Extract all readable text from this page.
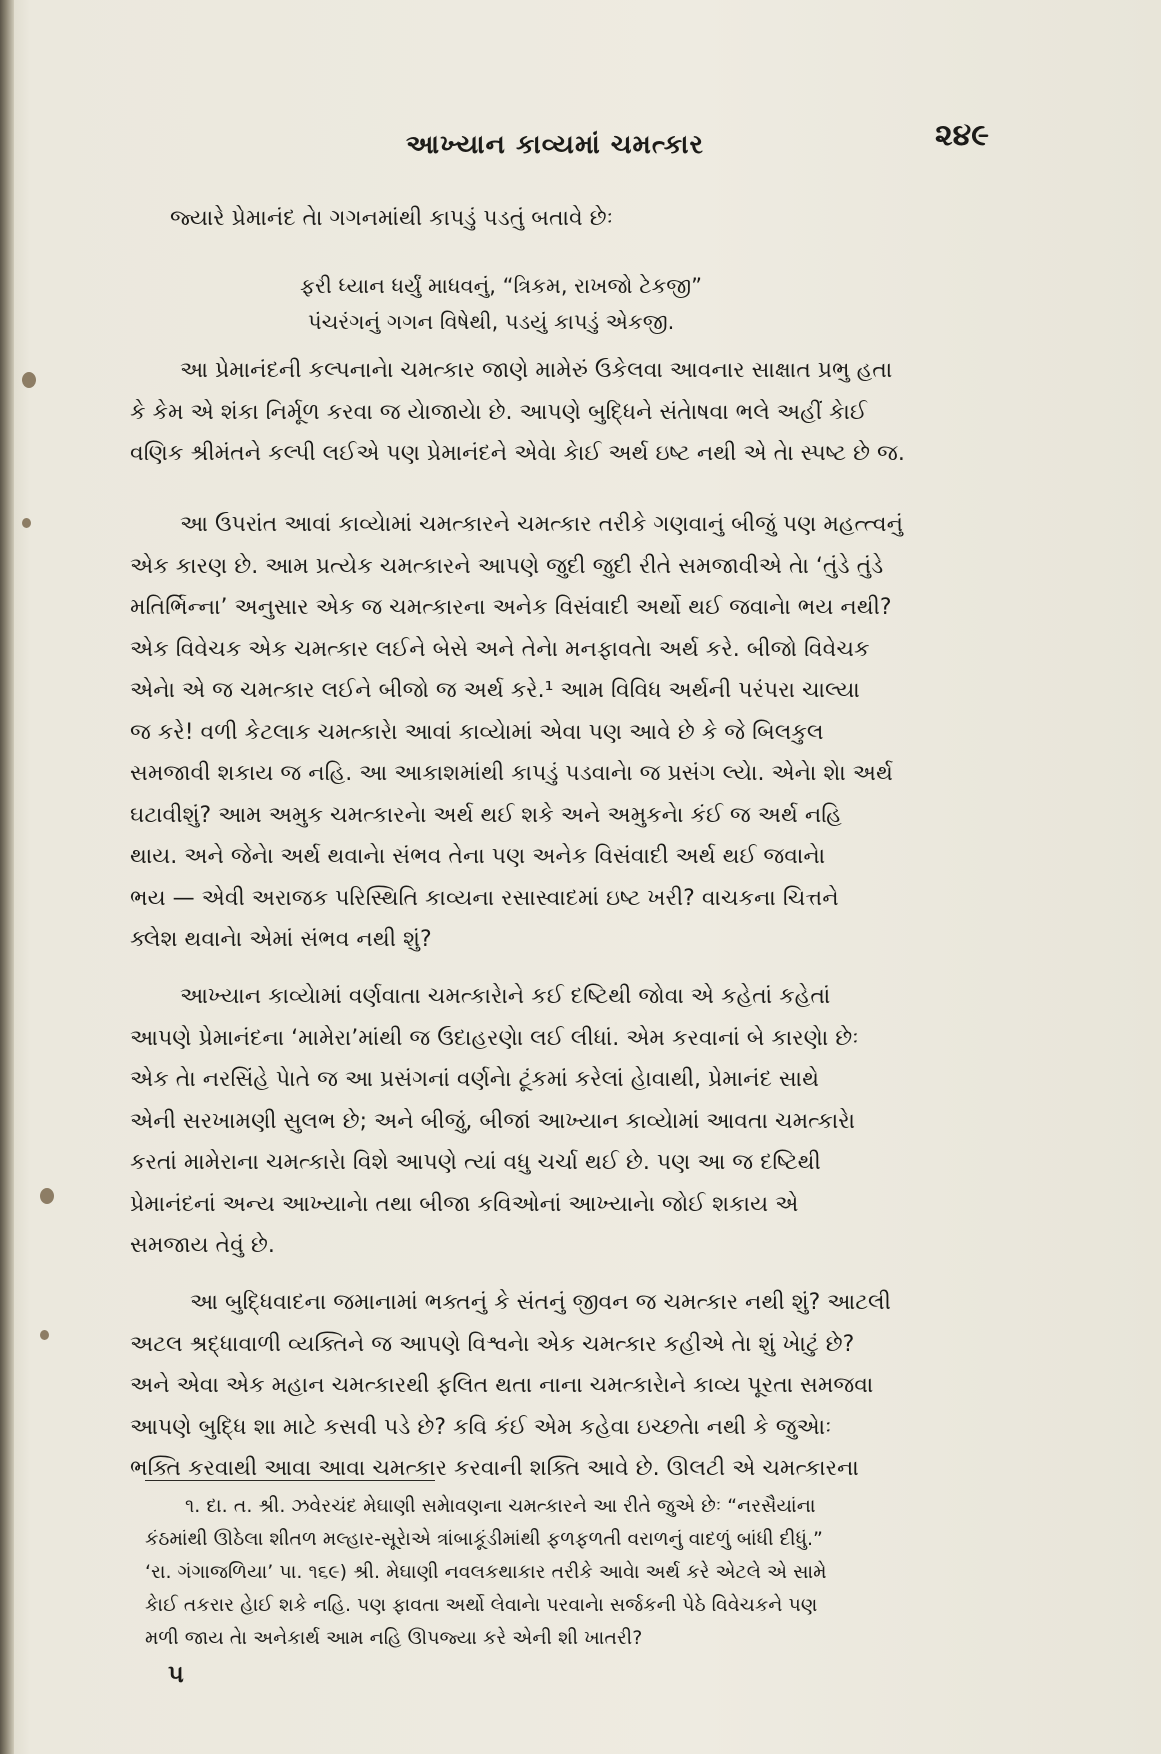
આખ્યાન કાવ્યમાં ચમત્કાર	૨૪૯
જ્યારે પ્રેમાનંદ તેા ગગનમાંથી કાપડું પડતું બતાવે છેઃ
ફરી ધ્યાન ધર્યું માધવનું, “ત્રિકમ, રાખજો ટેકજી”
પંચરંગનું ગગન વિષેથી, પડયું કાપડું એકજી.
આ પ્રેમાનંદની કલ્પનાનેા ચમત્કાર જાણે મામેરું ઉકેલવા આવનાર સાક્ષાત પ્રભુ હતા
કે કેમ એ શંકા નિર્મૂળ કરવા જ યેાજાયેા છે. આપણે બુદ્ધિને સંતેાષવા ભલે અહીં કેાઈ
વણિક શ્રીમંતને કલ્પી લઈએ પણ પ્રેમાનંદને એવેા કેાઈ અર્થ ઇષ્ટ નથી એ તેા સ્પષ્ટ છે જ.
આ ઉપરાંત આવાં કાવ્યેામાં ચમત્કારને ચમત્કાર તરીકે ગણવાનું બીજું પણ મહત્ત્વનું
એક કારણ છે. આમ પ્રત્યેક ચમત્કારને આપણે જુદી જુદી રીતે સમજાવીએ તેા ‘તુંડે તુંડે
મતિર્ભિન્ના’ અનુસાર એક જ ચમત્કારના અનેક વિસંવાદી અર્થો થઈ જવાનેા ભય નથી?
એક વિવેચક એક ચમત્કાર લઈને બેસે અને તેનેા મનફાવતેા અર્થ કરે. બીજો વિવેચક
એનેા એ જ ચમત્કાર લઈને બીજો જ અર્થ કરે.¹ આમ વિવિધ અર્થની પરંપરા ચાલ્યા
જ કરે! વળી કેટલાક ચમત્કારેા આવાં કાવ્યેામાં એવા પણ આવે છે કે જે બિલકુલ
સમજાવી શકાય જ નહિ. આ આકાશમાંથી કાપડું પડવાનેા જ પ્રસંગ લ્યેા. એનેા શેા અર્થ
ઘટાવીશું? આમ અમુક ચમત્કારનેા અર્થ થઈ શકે અને અમુકનેા કંઈ જ અર્થ નહિ
થાય. અને જેનેા અર્થ થવાનેા સંભવ તેના પણ અનેક વિસંવાદી અર્થ થઈ જવાનેા
ભય — એવી અરાજક પરિસ્થિતિ કાવ્યના રસાસ્વાદમાં ઇષ્ટ ખરી? વાચકના ચિત્તને
ક્લેશ થવાનેા એમાં સંભવ નથી શું?
આખ્યાન કાવ્યેામાં વર્ણવાતા ચમત્કારેાને કઈ દષ્ટિથી જોવા એ કહેતાં કહેતાં
આપણે પ્રેમાનંદના ‘મામેરા’માંથી જ ઉદાહરણેા લઈ લીધાં. એમ કરવાનાં બે કારણેા છેઃ
એક તેા નરસિંહે પેાતે જ આ પ્રસંગનાં વર્ણનેા ટૂંકમાં કરેલાં હેાવાથી, પ્રેમાનંદ સાથે
એની સરખામણી સુલભ છે; અને બીજું, બીજાં આખ્યાન કાવ્યેામાં આવતા ચમત્કારેા
કરતાં મામેરાના ચમત્કારેા વિશે આપણે ત્યાં વધુ ચર્ચા થઈ છે. પણ આ જ દષ્ટિથી
પ્રેમાનંદનાં અન્ય આખ્યાનેા તથા બીજા કવિઓનાં આખ્યાનેા જોઈ શકાય એ
સમજાય તેવું છે.
આ બુદ્ધિવાદના જમાનામાં ભક્તનું કે સંતનું જીવન જ ચમત્કાર નથી શું? આટલી
અટલ શ્રદ્ધાવાળી વ્યક્તિને જ આપણે વિશ્વનેા એક ચમત્કાર કહીએ તેા શું ખેાટું છે?
અને એવા એક મહાન ચમત્કારથી ફલિત થતા નાના ચમત્કારેાને કાવ્ય પૂરતા સમજવા
આપણે બુદ્ધિ શા માટે કસવી પડે છે? કવિ કંઈ એમ કહેવા ઇચ્છતેા નથી કે જુએાઃ
ભક્તિ કરવાથી આવા આવા ચમત્કાર કરવાની શક્તિ આવે છે. ઊલટી એ ચમત્કારના
૧. દા. ત. શ્રી. ઝવેરચંદ મેઘાણી સમેાવણના ચમત્કારને આ રીતે જુએ છેઃ “નરસૈયાંના
કંઠમાંથી ઊઠેલા શીતળ મલ્હાર-સૂરેાએ ત્રાંબાકૂંડીમાંથી ફળફળતી વરાળનું વાદળું બાંધી દીધું.”
‘રા. ગંગાજળિયા’ પા. ૧૬૯) શ્રી. મેઘાણી નવલકથાકાર તરીકે આવેા અર્થ કરે એટલે એ સામે
કેાઈ તકરાર હેાઈ શકે નહિ. પણ ફાવતા અર્થો લેવાનેા પરવાનેા સર્જકની પેઠે વિવેચકને પણ
મળી જાય તેા અનેકાર્થ આમ નહિ ઊપજ્યા કરે એની શી ખાતરી?
૫
